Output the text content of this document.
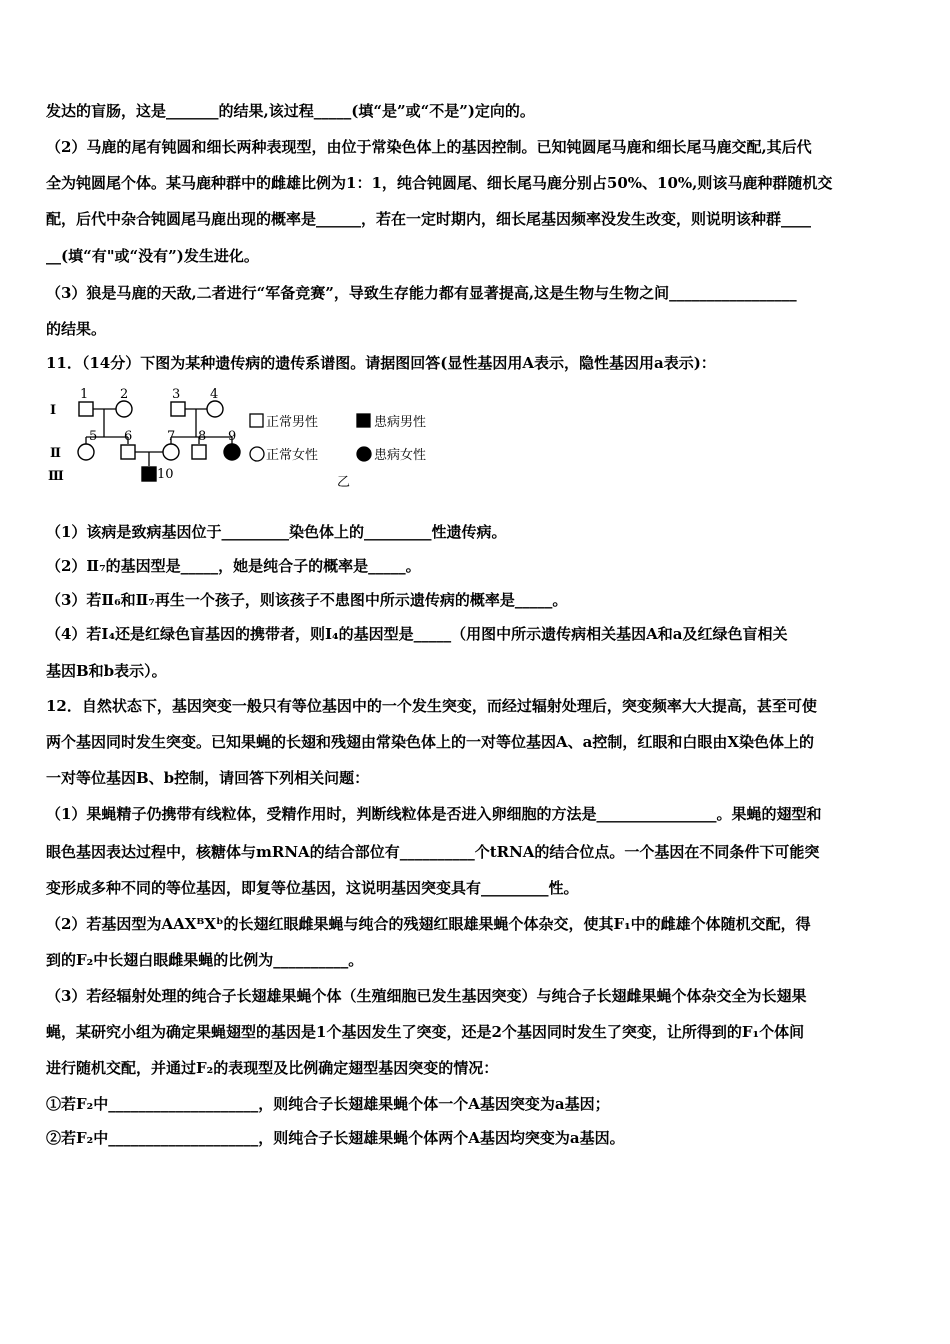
发达的盲肠，这是_______的结果,该过程_____(填“是”或“不是”)定向的。
（2）马鹿的尾有钝圆和细长两种表现型，由位于常染色体上的基因控制。已知钝圆尾马鹿和细长尾马鹿交配,其后代
全为钝圆尾个体。某马鹿种群中的雌雄比例为1：1，纯合钝圆尾、细长尾马鹿分别占50%、10%,则该马鹿种群随机交
配，后代中杂合钝圆尾马鹿出现的概率是______，若在一定时期内，细长尾基因频率没发生改变，则说明该种群____
__(填“有"或“没有”)发生进化。
（3）狼是马鹿的天敌,二者进行“军备竞赛”，导致生存能力都有显著提高,这是生物与生物之间_________________
的结果。
11．（14分）下图为某种遗传病的遗传系谱图。请据图回答(显性基因用A表示，隐性基因用a表示)：
Ⅰ
Ⅱ
Ⅲ
1 2	3 4
5 6	7 8 9
10
正常男性	患病男性
正常女性	患病女性
乙
（1）该病是致病基因位于_________染色体上的_________性遗传病。
（2）Ⅱ₇的基因型是_____，她是纯合子的概率是_____。
（3）若Ⅱ₆和Ⅱ₇再生一个孩子，则该孩子不患图中所示遗传病的概率是_____。
（4）若I₄还是红绿色盲基因的携带者，则I₄的基因型是_____（用图中所示遗传病相关基因A和a及红绿色盲相关
基因B和b表示）。
12．自然状态下，基因突变一般只有等位基因中的一个发生突变，而经过辐射处理后，突变频率大大提高，甚至可使
两个基因同时发生突变。已知果蝇的长翅和残翅由常染色体上的一对等位基因A、a控制，红眼和白眼由X染色体上的
一对等位基因B、b控制，请回答下列相关问题：
（1）果蝇精子仍携带有线粒体，受精作用时，判断线粒体是否进入卵细胞的方法是________________。果蝇的翅型和
眼色基因表达过程中，核糖体与mRNA的结合部位有__________个tRNA的结合位点。一个基因在不同条件下可能突
变形成多种不同的等位基因，即复等位基因，这说明基因突变具有_________性。
（2）若基因型为AAXᴮXᵇ的长翅红眼雌果蝇与纯合的残翅红眼雄果蝇个体杂交，使其F₁中的雌雄个体随机交配，得
到的F₂中长翅白眼雌果蝇的比例为__________。
（3）若经辐射处理的纯合子长翅雄果蝇个体（生殖细胞已发生基因突变）与纯合子长翅雌果蝇个体杂交全为长翅果
蝇，某研究小组为确定果蝇翅型的基因是1个基因发生了突变，还是2个基因同时发生了突变，让所得到的F₁个体间
进行随机交配，并通过F₂的表现型及比例确定翅型基因突变的情况：
①若F₂中____________________，则纯合子长翅雄果蝇个体一个A基因突变为a基因；
②若F₂中____________________，则纯合子长翅雄果蝇个体两个A基因均突变为a基因。
